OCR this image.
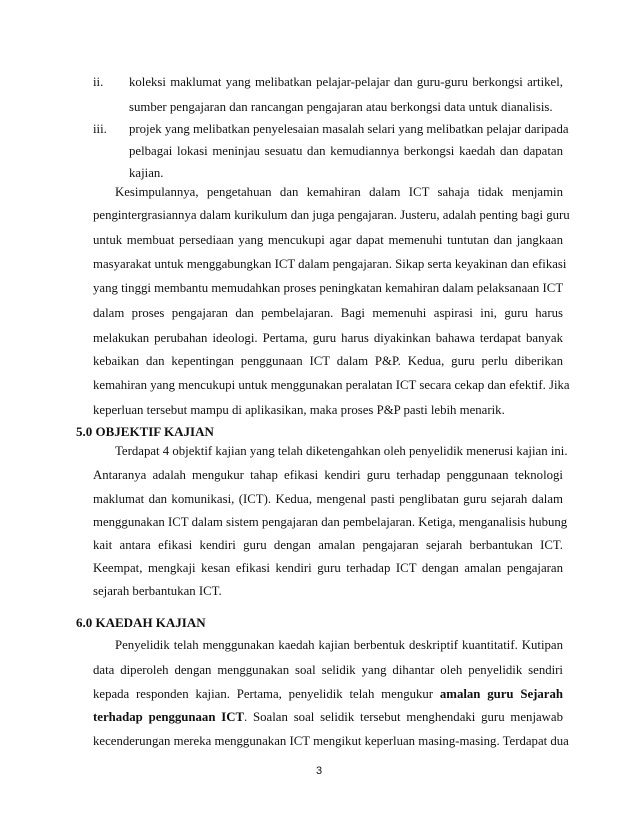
ii. koleksi maklumat yang melibatkan pelajar-pelajar dan guru-guru berkongsi artikel,

sumber pengajaran dan rancangan pengajaran atau berkongsi data untuk dianalisis.

iii. projek yang melibatkan penyelesaian masalah selari yang melibatkan pelajar daripada

pelbagai lokasi meninjau sesuatu dan kemudiannya berkongsi kaedah dan dapatan

kajian.

Kesimpulannya, pengetahuan dan kemahiran dalam ICT sahaja tidak menjamin

pengintergrasiannya dalam kurikulum dan juga pengajaran. Justeru, adalah penting bagi guru

untuk membuat persediaan yang mencukupi agar dapat memenuhi tuntutan dan jangkaan

masyarakat untuk menggabungkan ICT dalam pengajaran. Sikap serta keyakinan dan efikasi

yang tinggi membantu memudahkan proses peningkatan kemahiran dalam pelaksanaan ICT

dalam proses pengajaran dan pembelajaran. Bagi memenuhi aspirasi ini, guru harus

melakukan perubahan ideologi. Pertama, guru harus diyakinkan bahawa terdapat banyak

kebaikan dan kepentingan penggunaan ICT dalam P&P. Kedua, guru perlu diberikan

kemahiran yang mencukupi untuk menggunakan peralatan ICT secara cekap dan efektif. Jika

keperluan tersebut mampu di aplikasikan, maka proses P&P pasti lebih menarik.

5.0 OBJEKTIF KAJIAN

Terdapat 4 objektif kajian yang telah diketengahkan oleh penyelidik menerusi kajian ini.

Antaranya adalah mengukur tahap efikasi kendiri guru terhadap penggunaan teknologi

maklumat dan komunikasi, (ICT). Kedua, mengenal pasti penglibatan guru sejarah dalam

menggunakan ICT dalam sistem pengajaran dan pembelajaran. Ketiga, menganalisis hubung

kait antara efikasi kendiri guru dengan amalan pengajaran sejarah berbantukan ICT.

Keempat, mengkaji kesan efikasi kendiri guru terhadap ICT dengan amalan pengajaran

sejarah berbantukan ICT.

6.0 KAEDAH KAJIAN

Penyelidik telah menggunakan kaedah kajian berbentuk deskriptif kuantitatif. Kutipan

data diperoleh dengan menggunakan soal selidik yang dihantar oleh penyelidik sendiri

kepada responden kajian. Pertama, penyelidik telah mengukur amalan guru Sejarah

terhadap penggunaan ICT. Soalan soal selidik tersebut menghendaki guru menjawab

kecenderungan mereka menggunakan ICT mengikut keperluan masing-masing. Terdapat dua

3
